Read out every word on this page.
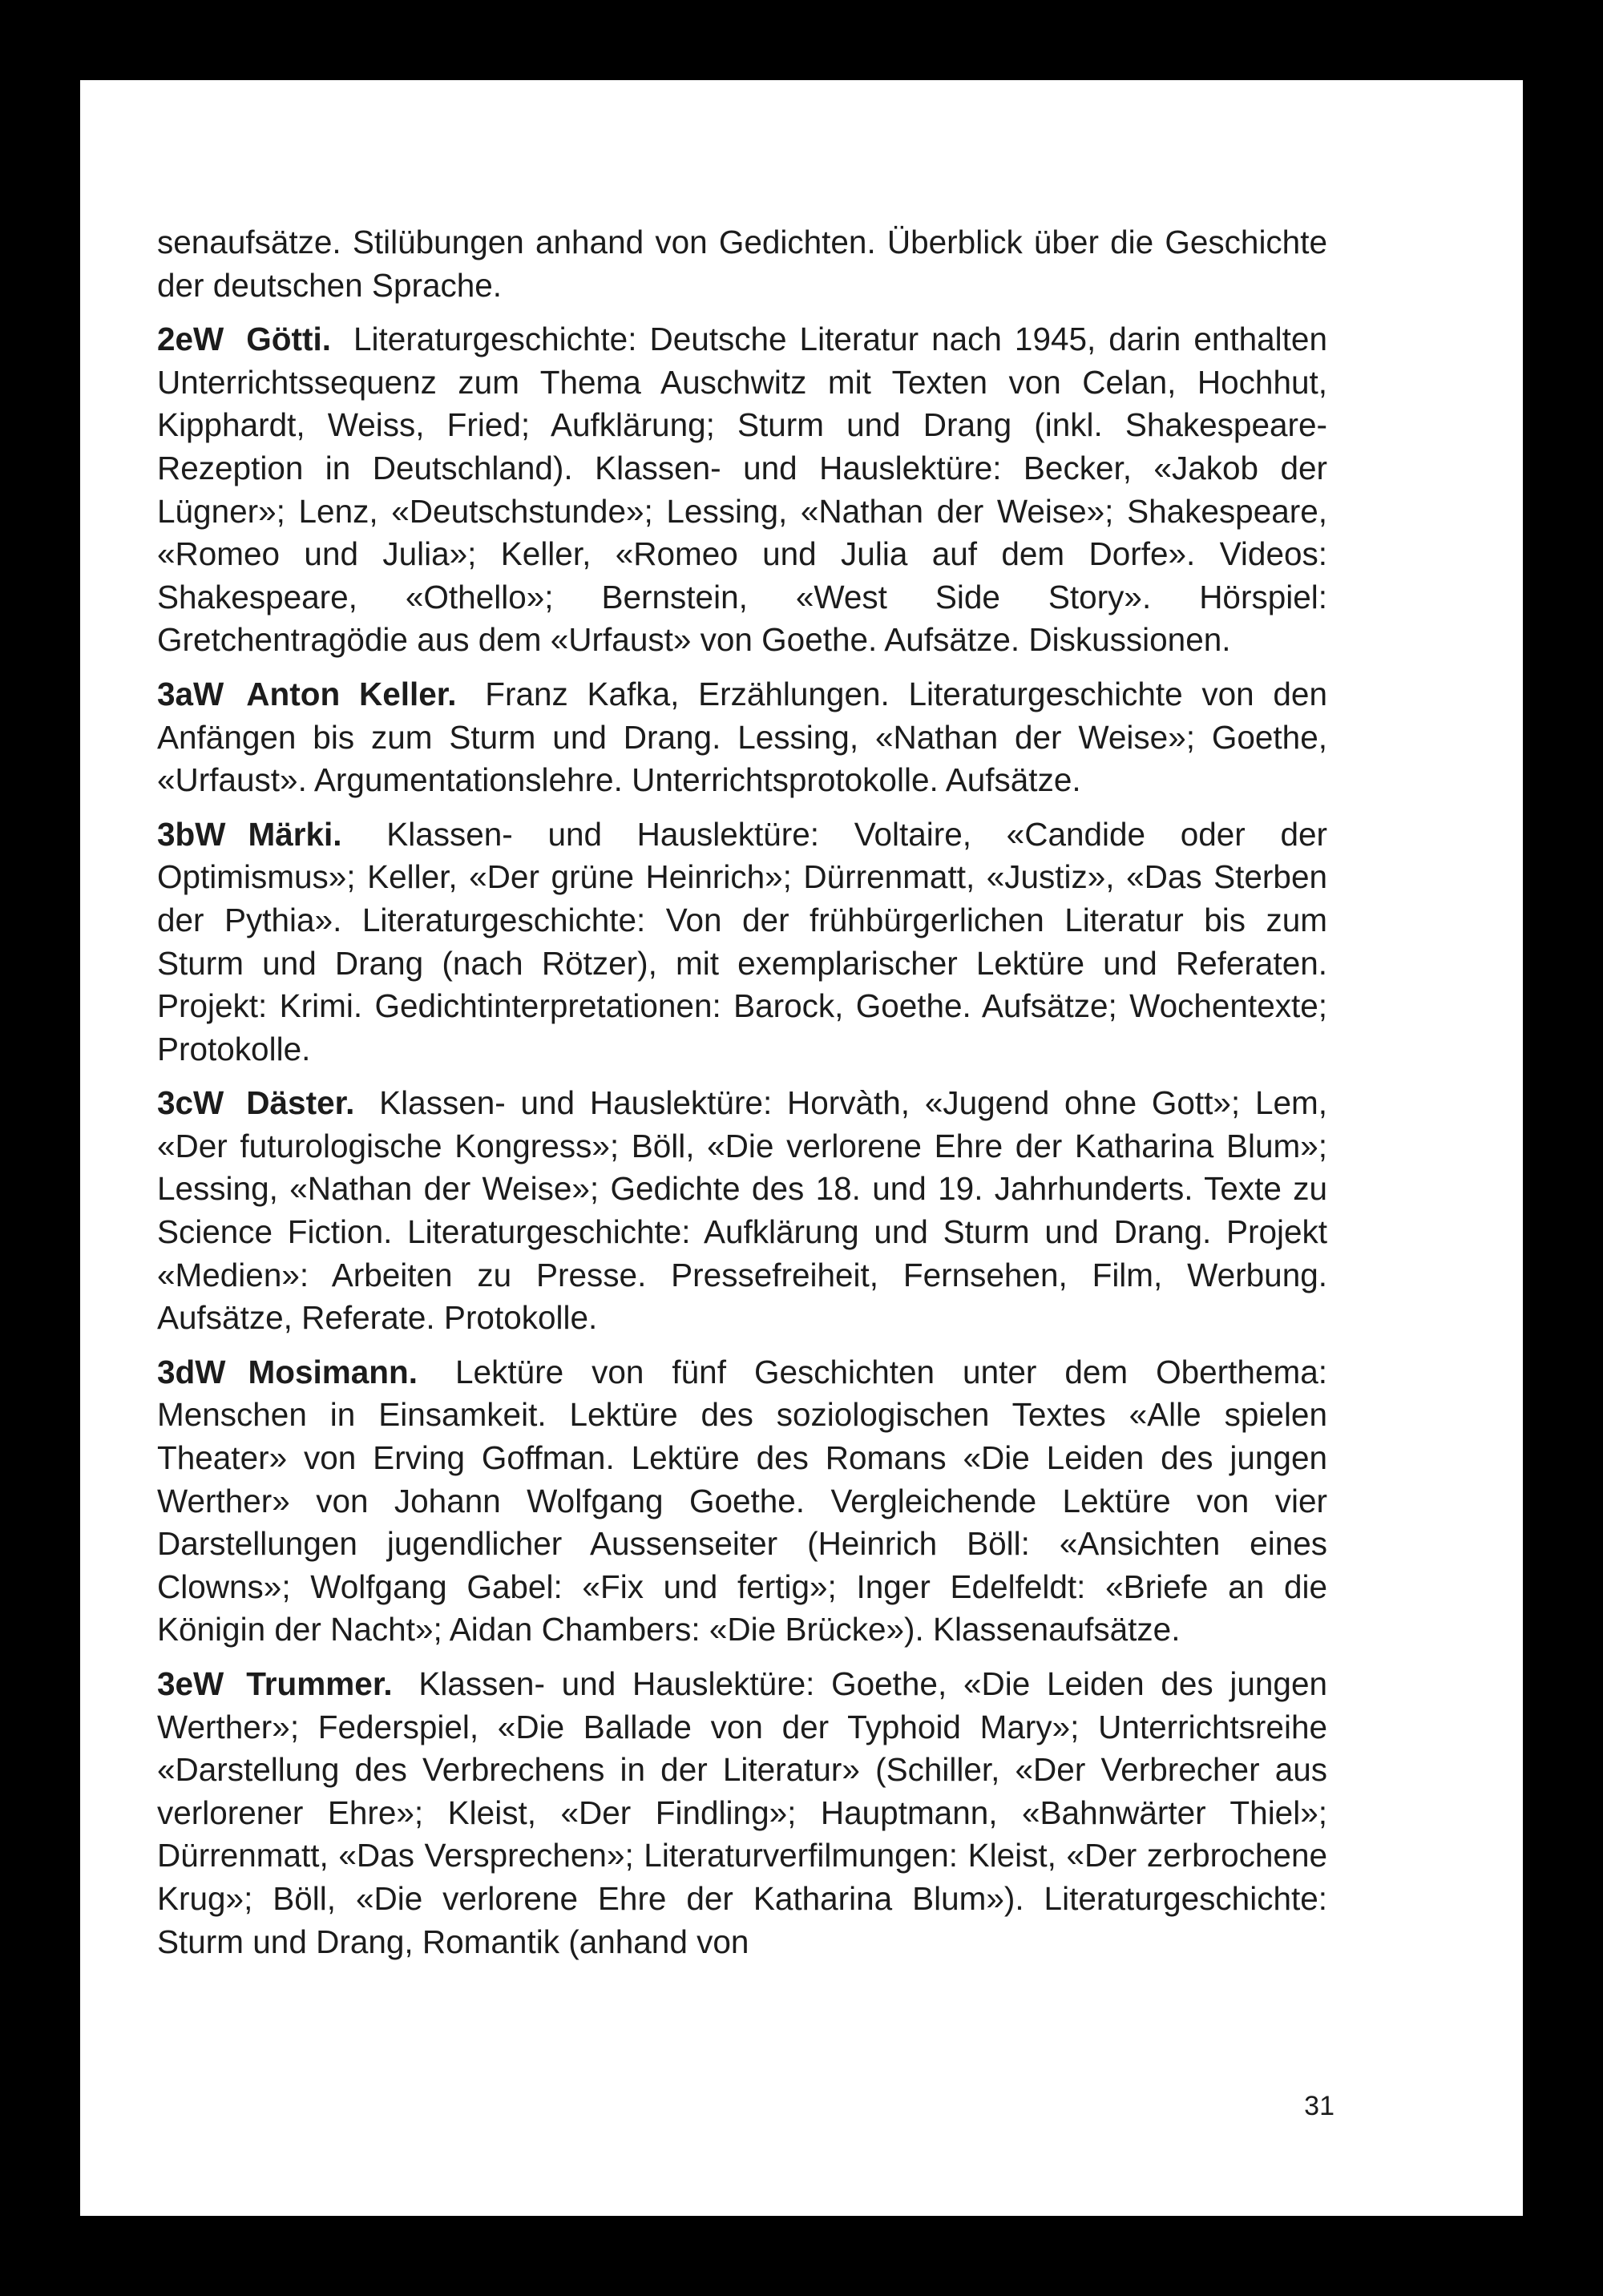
senaufsätze. Stilübungen anhand von Gedichten. Überblick über die Geschichte der deutschen Sprache.

2eW Götti. Literaturgeschichte: Deutsche Literatur nach 1945, darin enthalten Unterrichtssequenz zum Thema Auschwitz mit Texten von Celan, Hochhut, Kipphardt, Weiss, Fried; Aufklärung; Sturm und Drang (inkl. Shakespeare-Rezeption in Deutschland). Klassen- und Hauslektüre: Becker, «Jakob der Lügner»; Lenz, «Deutschstunde»; Lessing, «Nathan der Weise»; Shakespeare, «Romeo und Julia»; Keller, «Romeo und Julia auf dem Dorfe». Videos: Shakespeare, «Othello»; Bernstein, «West Side Story». Hörspiel: Gretchentragödie aus dem «Urfaust» von Goethe. Aufsätze. Diskussionen.

3aW Anton Keller. Franz Kafka, Erzählungen. Literaturgeschichte von den Anfängen bis zum Sturm und Drang. Lessing, «Nathan der Weise»; Goethe, «Urfaust». Argumentationslehre. Unterrichtsprotokolle. Aufsätze.

3bW Märki. Klassen- und Hauslektüre: Voltaire, «Candide oder der Optimismus»; Keller, «Der grüne Heinrich»; Dürrenmatt, «Justiz», «Das Sterben der Pythia». Literaturgeschichte: Von der frühbürgerlichen Literatur bis zum Sturm und Drang (nach Rötzer), mit exemplarischer Lektüre und Referaten. Projekt: Krimi. Gedichtinterpretationen: Barock, Goethe. Aufsätze; Wochentexte; Protokolle.

3cW Däster. Klassen- und Hauslektüre: Horvàth, «Jugend ohne Gott»; Lem, «Der futurologische Kongress»; Böll, «Die verlorene Ehre der Katharina Blum»; Lessing, «Nathan der Weise»; Gedichte des 18. und 19. Jahrhunderts. Texte zu Science Fiction. Literaturgeschichte: Aufklärung und Sturm und Drang. Projekt «Medien»: Arbeiten zu Presse. Pressefreiheit, Fernsehen, Film, Werbung. Aufsätze, Referate. Protokolle.

3dW Mosimann. Lektüre von fünf Geschichten unter dem Oberthema: Menschen in Einsamkeit. Lektüre des soziologischen Textes «Alle spielen Theater» von Erving Goffman. Lektüre des Romans «Die Leiden des jungen Werther» von Johann Wolfgang Goethe. Vergleichende Lektüre von vier Darstellungen jugendlicher Aussenseiter (Heinrich Böll: «Ansichten eines Clowns»; Wolfgang Gabel: «Fix und fertig»; Inger Edelfeldt: «Briefe an die Königin der Nacht»; Aidan Chambers: «Die Brücke»). Klassenaufsätze.

3eW Trummer. Klassen- und Hauslektüre: Goethe, «Die Leiden des jungen Werther»; Federspiel, «Die Ballade von der Typhoid Mary»; Unterrichtsreihe «Darstellung des Verbrechens in der Literatur» (Schiller, «Der Verbrecher aus verlorener Ehre»; Kleist, «Der Findling»; Hauptmann, «Bahnwärter Thiel»; Dürrenmatt, «Das Versprechen»; Literaturverfilmungen: Kleist, «Der zerbrochene Krug»; Böll, «Die verlorene Ehre der Katharina Blum»). Literaturgeschichte: Sturm und Drang, Romantik (anhand von

31
